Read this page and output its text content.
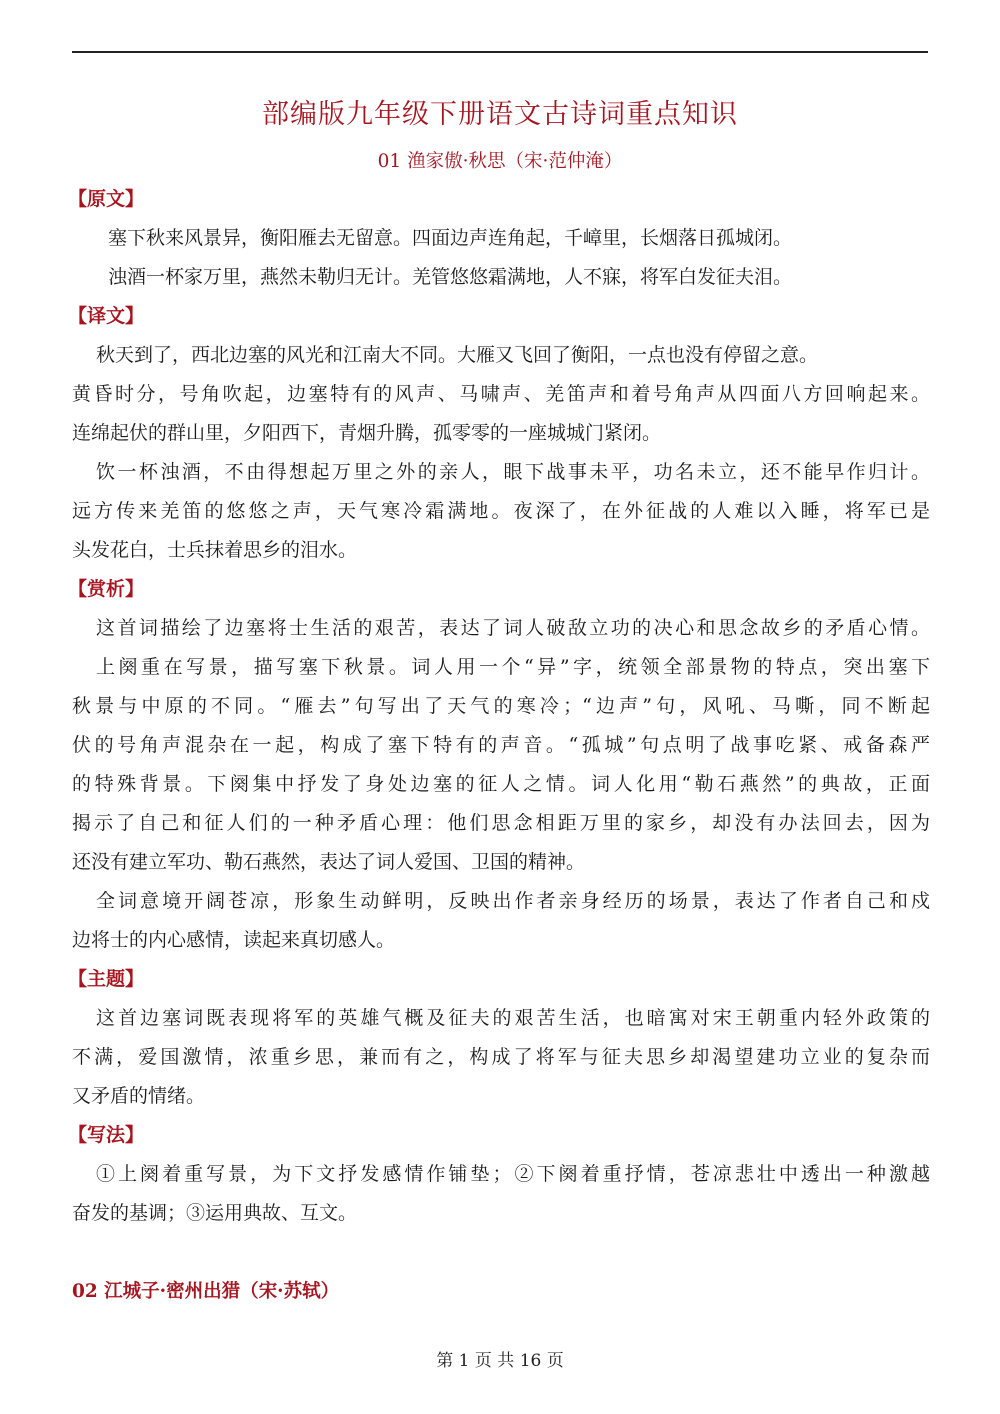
部编版九年级下册语文古诗词重点知识
01 渔家傲·秋思（宋·范仲淹）
【原文】
塞下秋来风景异，衡阳雁去无留意。四面边声连角起，千嶂里，长烟落日孤城闭。
浊酒一杯家万里，燕然未勒归无计。羌管悠悠霜满地，人不寐，将军白发征夫泪。
【译文】
秋天到了，西北边塞的风光和江南大不同。大雁又飞回了衡阳，一点也没有停留之意。
黄昏时分，号角吹起，边塞特有的风声、马啸声、羌笛声和着号角声从四面八方回响起来。
连绵起伏的群山里，夕阳西下，青烟升腾，孤零零的一座城城门紧闭。
饮一杯浊酒，不由得想起万里之外的亲人，眼下战事未平，功名未立，还不能早作归计。
远方传来羌笛的悠悠之声，天气寒冷霜满地。夜深了，在外征战的人难以入睡，将军已是
头发花白，士兵抹着思乡的泪水。
【赏析】
这首词描绘了边塞将士生活的艰苦，表达了词人破敌立功的决心和思念故乡的矛盾心情。
上阕重在写景，描写塞下秋景。词人用一个“异”字，统领全部景物的特点，突出塞下
秋景与中原的不同。“雁去”句写出了天气的寒冷；“边声”句，风吼、马嘶，同不断起
伏的号角声混杂在一起，构成了塞下特有的声音。“孤城”句点明了战事吃紧、戒备森严
的特殊背景。下阕集中抒发了身处边塞的征人之情。词人化用“勒石燕然”的典故，正面
揭示了自己和征人们的一种矛盾心理：他们思念相距万里的家乡，却没有办法回去，因为
还没有建立军功、勒石燕然，表达了词人爱国、卫国的精神。
全词意境开阔苍凉，形象生动鲜明，反映出作者亲身经历的场景，表达了作者自己和戍
边将士的内心感情，读起来真切感人。
【主题】
这首边塞词既表现将军的英雄气概及征夫的艰苦生活，也暗寓对宋王朝重内轻外政策的
不满，爱国激情，浓重乡思，兼而有之，构成了将军与征夫思乡却渴望建功立业的复杂而
又矛盾的情绪。
【写法】
①上阕着重写景，为下文抒发感情作铺垫；②下阕着重抒情，苍凉悲壮中透出一种激越
奋发的基调；③运用典故、互文。
02 江城子·密州出猎（宋·苏轼）
第 1 页 共 16 页
